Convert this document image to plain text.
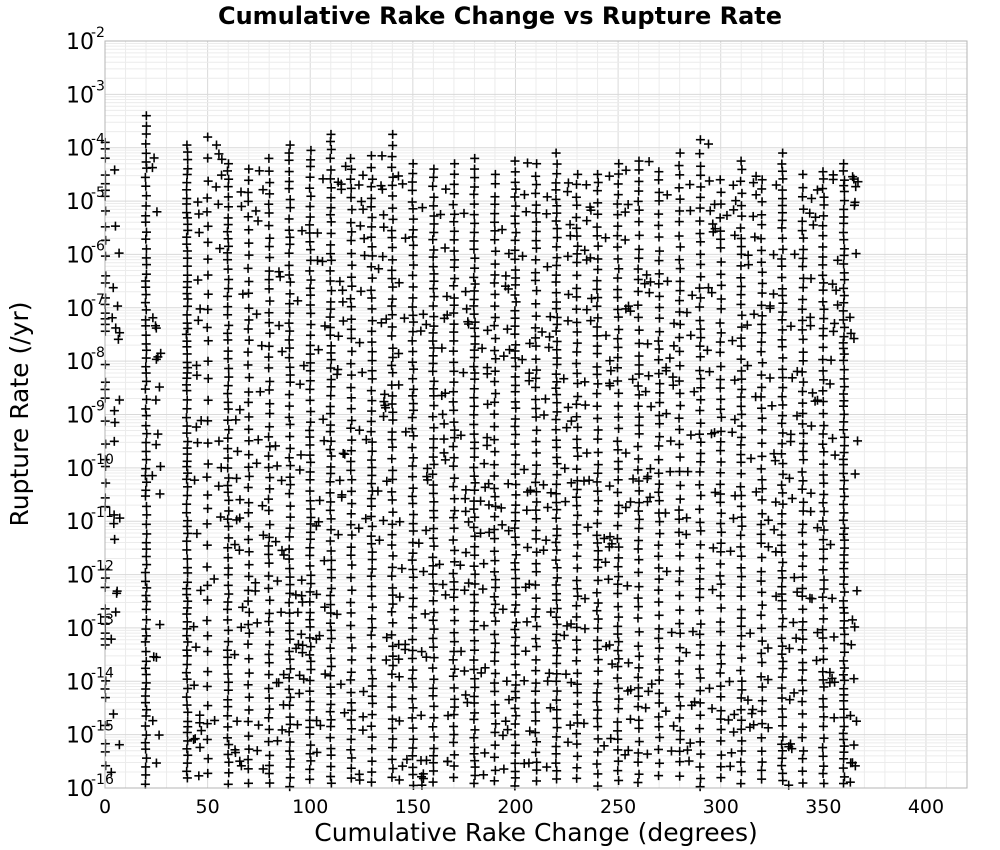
Cumulative Rake Change vs Rupture Rate
0	50	100	150	200	250	300	350	400
10
-16
10
-15
10
-14
10
-13
10
-12
10
-11
10
-10
10
-9
10
-8
10
-7
10
-6
10
-5
10
-4
10
-3
10
-2
Cumulative Rake Change (degrees)
Rupture Rate (/yr)
